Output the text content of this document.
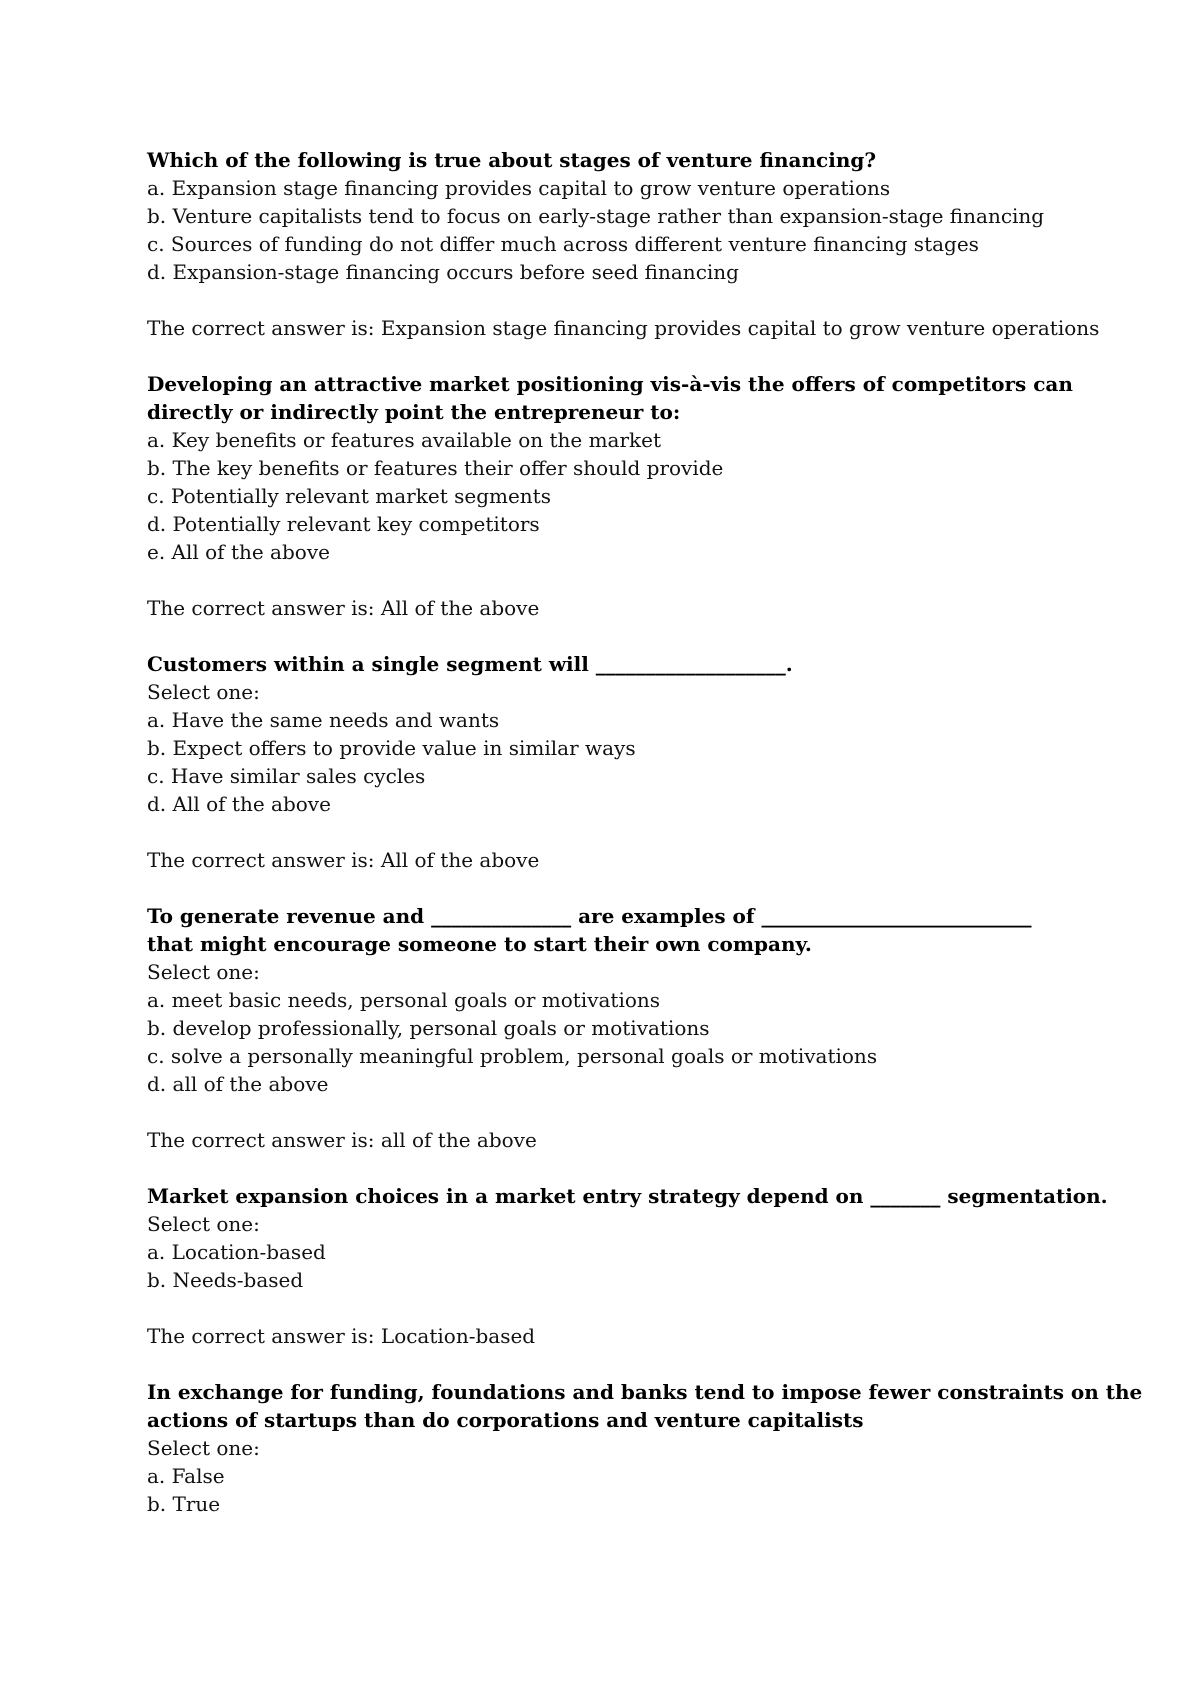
Which of the following is true about stages of venture financing?
a. Expansion stage financing provides capital to grow venture operations
b. Venture capitalists tend to focus on early-stage rather than expansion-stage financing
c. Sources of funding do not differ much across different venture financing stages
d. Expansion-stage financing occurs before seed financing
The correct answer is: Expansion stage financing provides capital to grow venture operations
Developing an attractive market positioning vis-à-vis the offers of competitors can
directly or indirectly point the entrepreneur to:
a. Key benefits or features available on the market
b. The key benefits or features their offer should provide
c. Potentially relevant market segments
d. Potentially relevant key competitors
e. All of the above
The correct answer is: All of the above
Customers within a single segment will ___________________.
Select one:
a. Have the same needs and wants
b. Expect offers to provide value in similar ways
c. Have similar sales cycles
d. All of the above
The correct answer is: All of the above
To generate revenue and ______________ are examples of ___________________________
that might encourage someone to start their own company.
Select one:
a. meet basic needs, personal goals or motivations
b. develop professionally, personal goals or motivations
c. solve a personally meaningful problem, personal goals or motivations
d. all of the above
The correct answer is: all of the above
Market expansion choices in a market entry strategy depend on _______ segmentation.
Select one:
a. Location-based
b. Needs-based
The correct answer is: Location-based
In exchange for funding, foundations and banks tend to impose fewer constraints on the
actions of startups than do corporations and venture capitalists
Select one:
a. False
b. True
